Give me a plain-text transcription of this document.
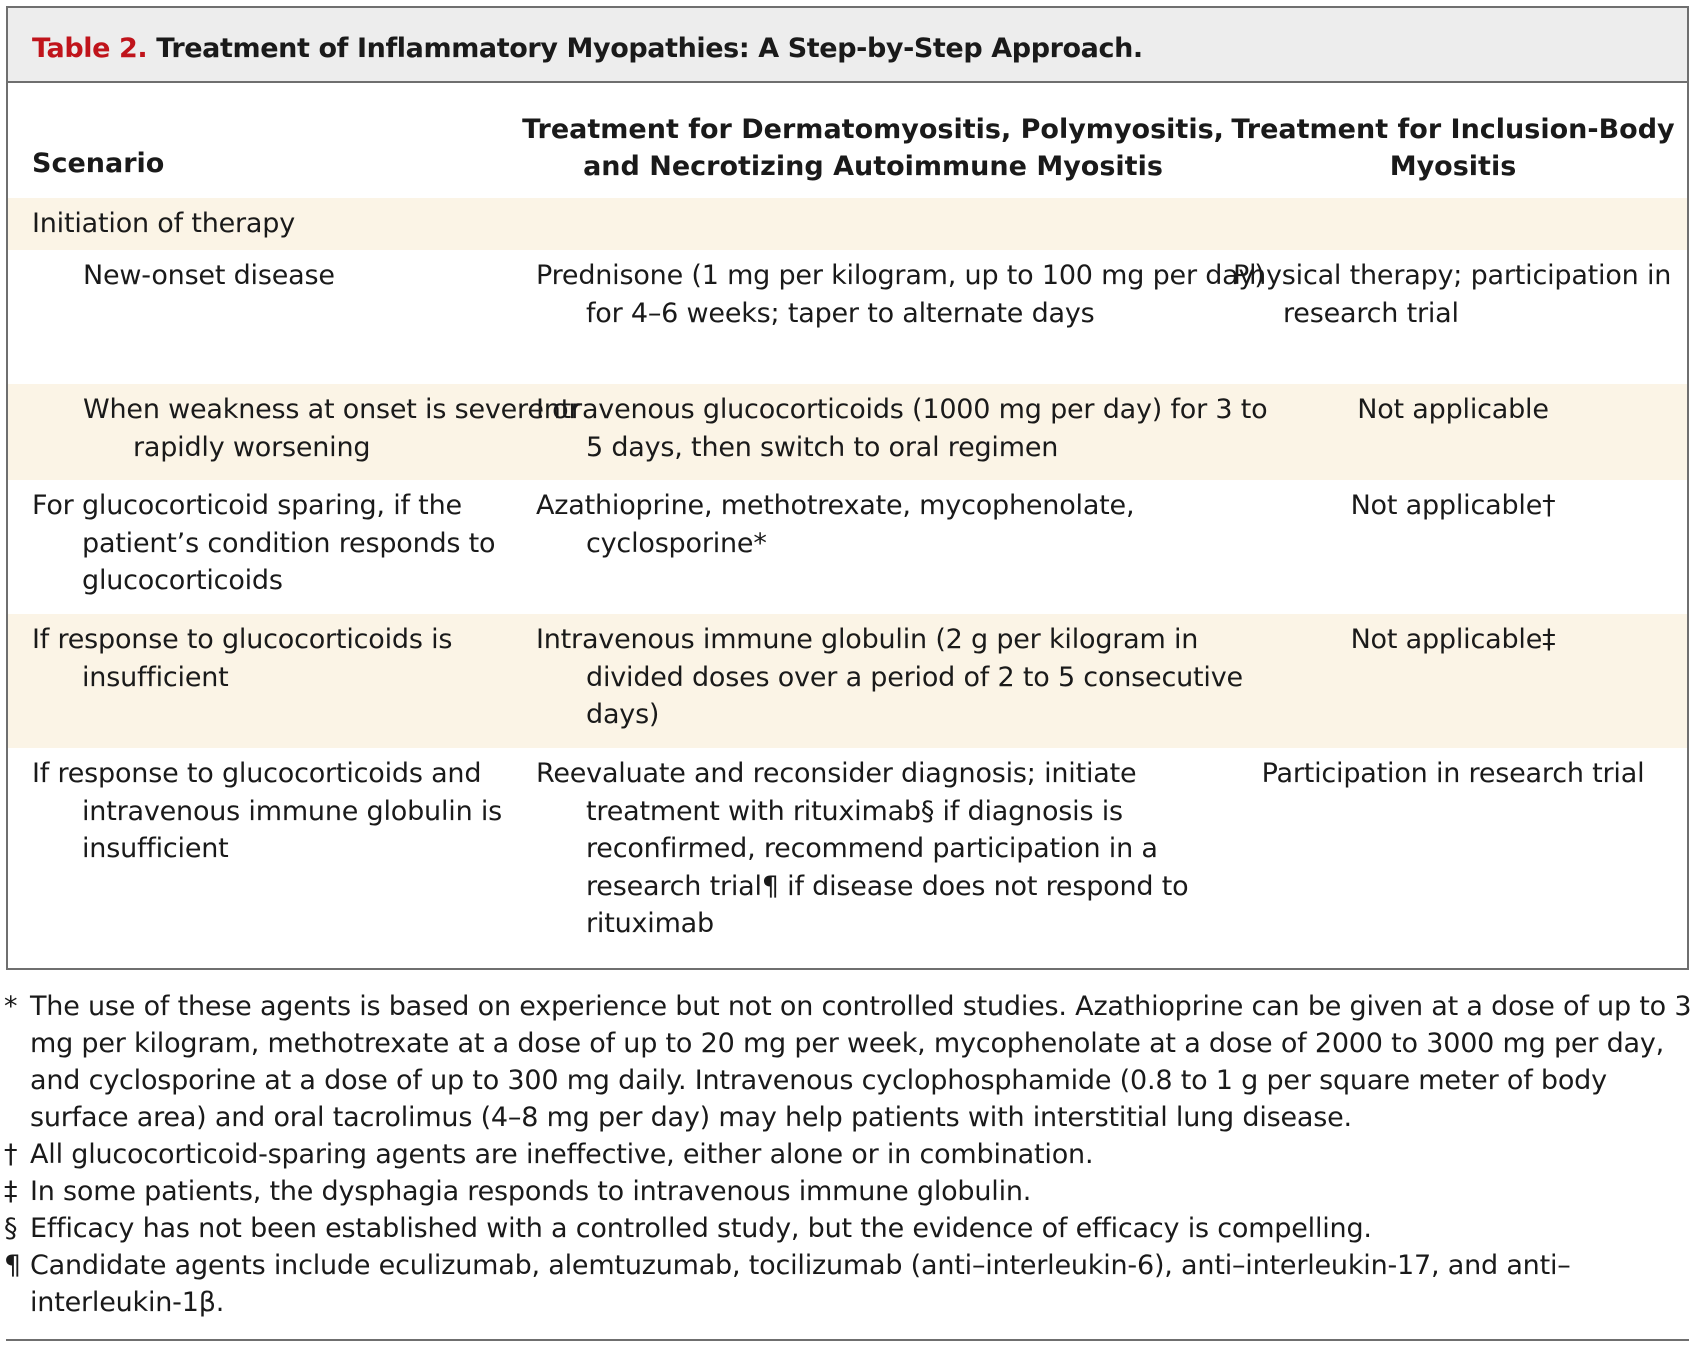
Table 2. Treatment of Inflammatory Myopathies: A Step-by-Step Approach.
Scenario
Treatment for Dermatomyositis, Polymyositis, and Necrotizing Autoimmune Myositis
Treatment for Inclusion-Body Myositis
Initiation of therapy
New-onset disease	Prednisone (1 mg per kilogram, up to 100 mg per day) for 4–6 weeks; taper to alternate days
Physical therapy; participation in research trial
When weakness at onset is severe or rapidly worsening
Intravenous glucocorticoids (1000 mg per day) for 3 to 5 days, then switch to oral regimen
Not applicable
For glucocorticoid sparing, if the patient’s condition responds to glucocorticoids
Azathioprine, methotrexate, mycophenolate, cyclosporine*
Not applicable†
If response to glucocorticoids is insufficient
Intravenous immune globulin (2 g per kilogram in divided doses over a period of 2 to 5 consecutive days)
Not applicable‡
If response to glucocorticoids and intravenous immune globulin is insufficient
Reevaluate and reconsider diagnosis; initiate treatment with rituximab§ if diagnosis is reconfirmed, recommend participation in a research trial¶ if disease does not respond to rituximab
Participation in research trial
* The use of these agents is based on experience but not on controlled studies. Azathioprine can be given at a dose of up to 3 mg per kilogram, methotrexate at a dose of up to 20 mg per week, mycophenolate at a dose of 2000 to 3000 mg per day, and cyclosporine at a dose of up to 300 mg daily. Intravenous cyclophosphamide (0.8 to 1 g per square meter of body surface area) and oral tacrolimus (4–8 mg per day) may help patients with interstitial lung disease.
† All glucocorticoid-sparing agents are ineffective, either alone or in combination.
‡ In some patients, the dysphagia responds to intravenous immune globulin.
§ Efficacy has not been established with a controlled study, but the evidence of efficacy is compelling.
¶ Candidate agents include eculizumab, alemtuzumab, tocilizumab (anti–interleukin-6), anti–interleukin-17, and anti–interleukin-1β.
